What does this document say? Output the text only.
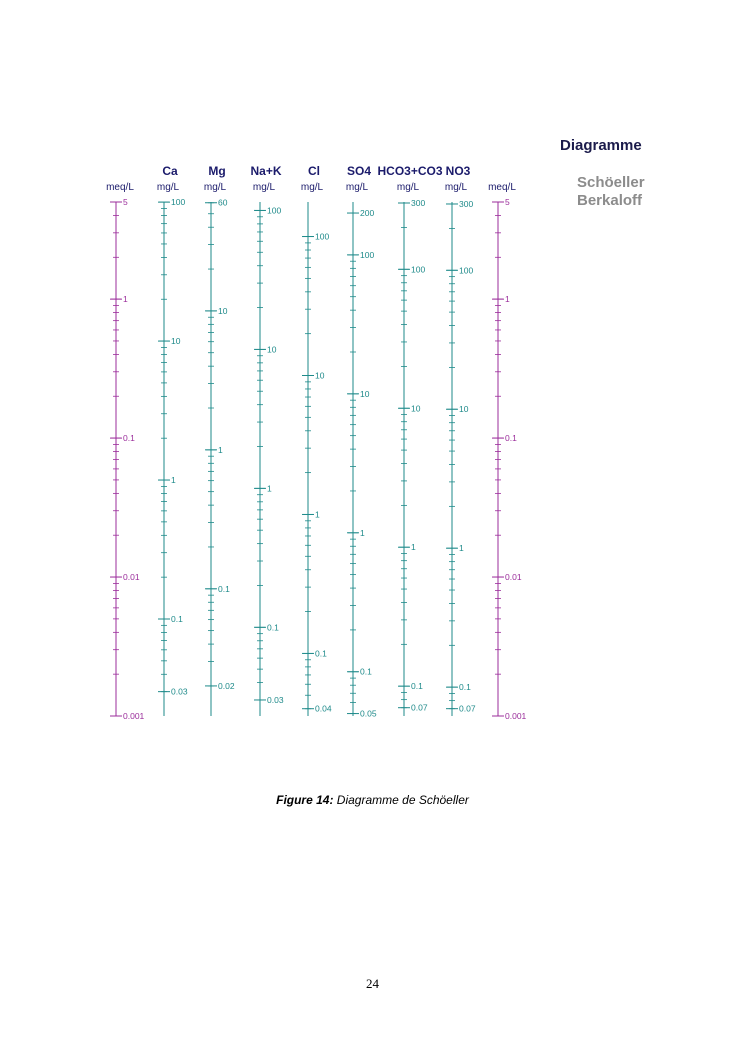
meq/L
5
1
0.1
0.01
0.001
Ca
mg/L
100
10
1
0.1
0.03
Mg
mg/L
60
10
1
0.1
0.02
Na+K
mg/L
100
10
1
0.1
0.03
Cl
mg/L
100
10
1
0.1
0.04
SO4
mg/L
200
100
10
1
0.1
0.05
HCO3+CO3
mg/L
300
100
10
1
0.1
0.07
NO3
mg/L
300
100
10
1
0.1
0.07
meq/L
5
1
0.1
0.01
0.001
Diagramme
Schöeller
Berkaloff
Figure 14: Diagramme de Schöeller
24
